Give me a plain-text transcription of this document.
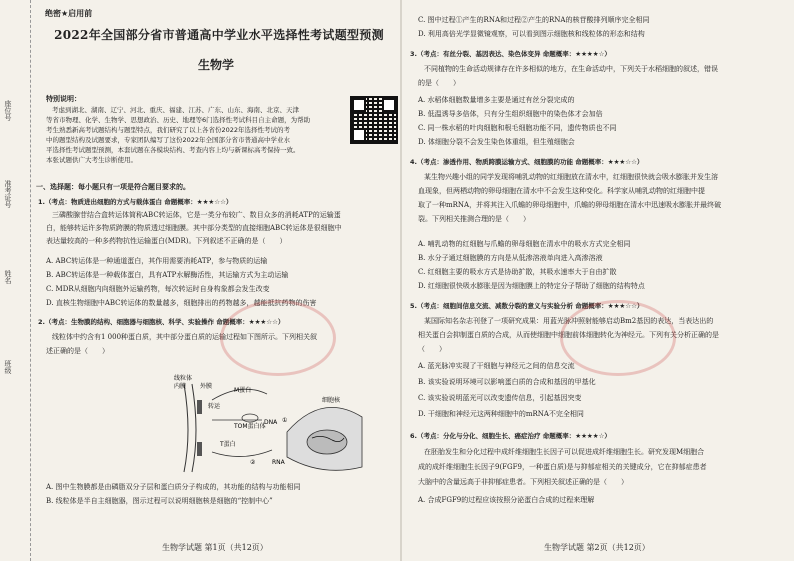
座位号
准考证号
姓名
班级
绝密★启用前
2022年全国部分省市普通高中学业水平选择性考试题型预测
生物学
特别说明：
考虑到湖北、湖南、辽宁、河北、重庆、福建、江苏、广东、山东、海南、北京、天津
等省市物理、化学、生物学、思想政治、历史、地理等6门选择性考试科目自主命题，为帮助
考生熟悉新高考试题结构与题型特点，我们研究了以上各省份2022年选择性考试的考
中的题型结构及试题要求，专家团队编写了这份2022年全国部分省市普通高中学业水
平选择性考试题型预测，本套试题在各模块结构、考查内容上均与新课标高考保持一致。
本张试题供广大考生诊断使用。
一、选择题：每小题只有一项是符合题目要求的。
1.（考点：物质进出细胞的方式与载体蛋白 命题概率：★★★☆☆）
三磷酸腺苷结合盒转运体简称ABC转运体，它是一类分布较广、数目众多的消耗ATP的运输蛋
白，能够转运许多物质跨膜的物质透过细胞膜。其中部分类型的直接细胞ABC转运体是很细胞中
表达量较高的一种多药物抗性运输蛋白(MDR)。下列叙述不正确的是（　　）
A. ABC转运体是一种通道蛋白，其作用需要消耗ATP，参与物质的运输
B. ABC转运体是一种载体蛋白，具有ATP水解酶活性，其运输方式为主动运输
C. MDR从细胞内向细胞外运输药物，每次转运时自身构象都会发生改变
D. 直核生物细胞中ABC转运体的数量越多，细胞排出的药物越多，越能抵抗药物的伤害
2.（考点：生物膜的结构、细胞器与细胞核、科学、实验操作 命题概率：★★★☆☆）
线粒体中约含有1 000种蛋白质，其中部分蛋白质的运输过程如下图所示。下列相关叙
述正确的是（　　）
线粒体
内膜 外膜
M蛋白
转运
TOM蛋白体
DNA
细胞核
T蛋白
RNA
①
②
A. 图中生物膜都是由磷脂双分子层和蛋白质分子构成的，其功能的结构与功能相同
B. 线粒体是半自主细胞器，图示过程可以说明细胞核是细胞的“控制中心”
生物学试题 第1页（共12页）
C. 图中过程①产生的RNA和过程②产生的RNA的核苷酸排列顺序完全相同
D. 利用高倍光学显微镜观察，可以看到图示细胞核和线粒体的形态和结构
3.（考点：有丝分裂、基因表达、染色体变异 命题概率：★★★★☆）
不同植物的生命活动规律存在许多相似的地方，在生命活动中，下列关于水稻细胞的叙述，错误
的是（　　）
A. 水稻体细胞数量增多主要是通过有丝分裂完成的
B. 低温诱导多倍体，只有分生组织细胞中的染色体才会加倍
C. 同一株水稻的叶肉细胞和根毛细胞功能不同，遗传物质也不同
D. 体细胞分裂不会发生染色体重组，但生殖细胞会
4.（考点：渗透作用、物质跨膜运输方式、细胞膜的功能 命题概率：★★★☆☆）
某生物兴趣小组的同学发现将哺乳动物的红细胞放在清水中，红细胞很快就会吸水膨胀并发生溶
血现象，但两栖动物的卵母细胞在清水中不会发生这种变化。科学家从哺乳动物的红细胞中提
取了一种mRNA，并将其注入爪蟾的卵母细胞中，爪蟾的卵母细胞在清水中迅速吸水膨胀并最终破
裂。下列相关推测合理的是（　　）
A. 哺乳动物的红细胞与爪蟾的卵母细胞在清水中的吸水方式完全相同
B. 水分子通过细胞膜的方向是从低渗溶液单向进入高渗溶液
C. 红细胞主要的吸水方式是协助扩散，其吸水速率大于自由扩散
D. 红细胞很快吸水膨胀是因为细胞膜上的特定分子帮助了细胞的结构特点
5.（考点：细胞间信息交流、减数分裂的意义与实验分析 命题概率：★★★☆☆）
某国际知名杂志刊登了一项研究成果：用蓝光脉冲照射能够启动Bm2基因的表达，当表达出的
相关蛋白会抑制蛋白质的合成，从而使细胞中细胞前体细胞转化为神经元。下列有关分析正确的是
（　　）
A. 蓝光脉冲实现了干细胞与神经元之间的信息交流
B. 该实验说明环境可以影响蛋白质的合成和基因的甲基化
C. 该实验说明蓝光可以改变遗传信息，引起基因突变
D. 干细胞和神经元这两种细胞中的mRNA不完全相同
6.（考点：分化与分化、细胞生长、癌症治疗 命题概率：★★★★☆）
在胚胎发生和分化过程中成纤维细胞生长因子可以促进成纤维细胞生长。研究发现M细胞合
成的成纤维细胞生长因子9(FGF9，一种蛋白质)是与抑郁症相关的关键成分，它在抑郁症患者
大脑中的含量远高于非抑郁症患者。下列相关叙述正确的是（　　）
A. 合成FGF9的过程应该按照分泌蛋白合成的过程来理解
生物学试题 第2页（共12页）
